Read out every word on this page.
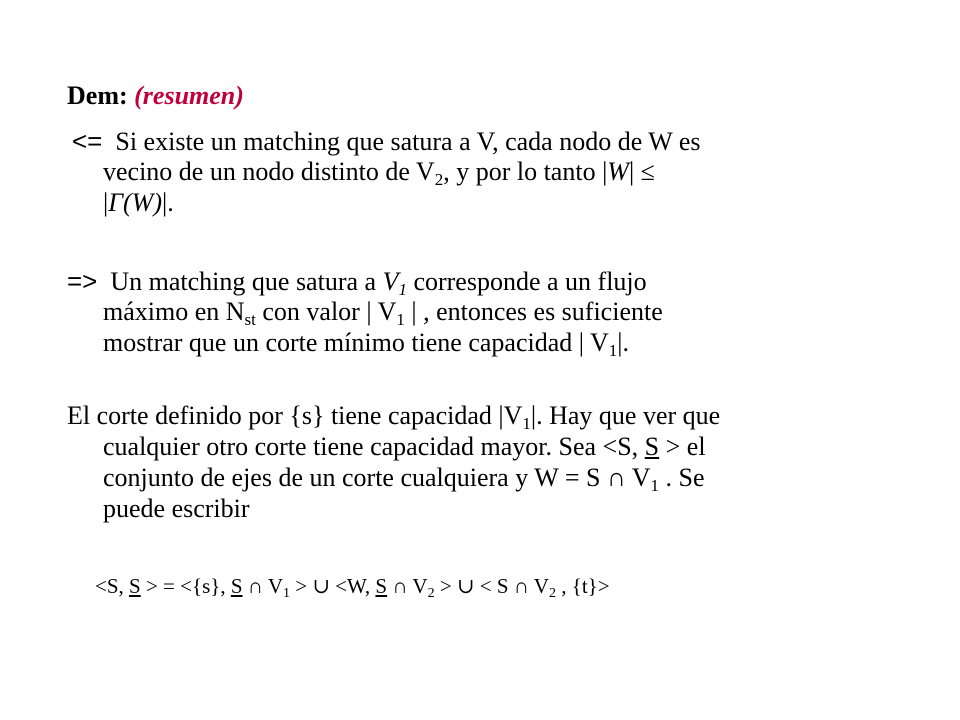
Dem: (resumen)
<= Si existe un matching que satura a V, cada nodo de W es
vecino de un nodo distinto de $V_2$, y por lo tanto |W| ≤
|Γ(W)|.
=> Un matching que satura a $V_1$ corresponde a un flujo
máximo en $N_{st}$ con valor | $V_1$ | , entonces es suficiente
mostrar que un corte mínimo tiene capacidad | $V_1|$.
El corte definido por {s} tiene capacidad $|V_1|$. Hay que ver que
cualquier otro corte tiene capacidad mayor. Sea <S, S > el
conjunto de ejes de un corte cualquiera y W = S ∩ $V_1$ . Se
puede escribir
<S, S > = <{s}, S ∩ $V_1$ > ∪ <W, S ∩ $V_2$ > ∪ < S ∩ $V_2$ , {t}>
